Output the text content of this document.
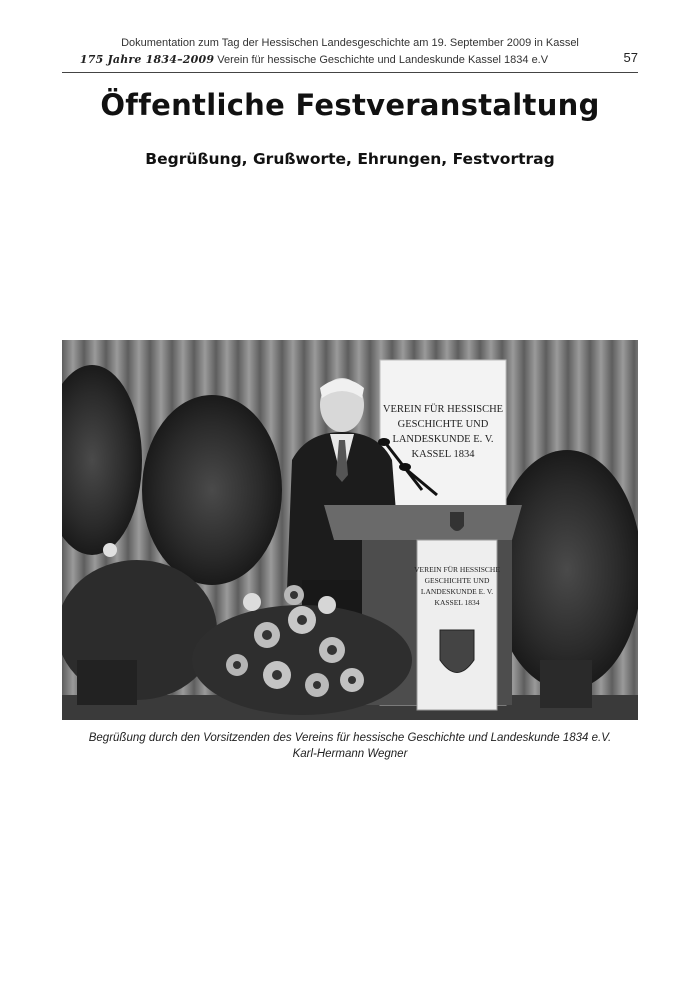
Dokumentation zum Tag der Hessischen Landesgeschichte am 19. September 2009 in Kassel
175 Jahre 1834–2009 Verein für hessische Geschichte und Landeskunde Kassel 1834 e.V	57
Öffentliche Festveranstaltung
Begrüßung, Grußworte, Ehrungen, Festvortrag
VEREIN FÜR HESSISCHE
GESCHICHTE UND
LANDESKUNDE E. V.
KASSEL 1834
VEREIN FÜR HESSISCHE
GESCHICHTE UND
LANDESKUNDE E. V.
KASSEL 1834
Begrüßung durch den Vorsitzenden des Vereins für hessische Geschichte und Landeskunde 1834 e.V.
Karl-Hermann Wegner
